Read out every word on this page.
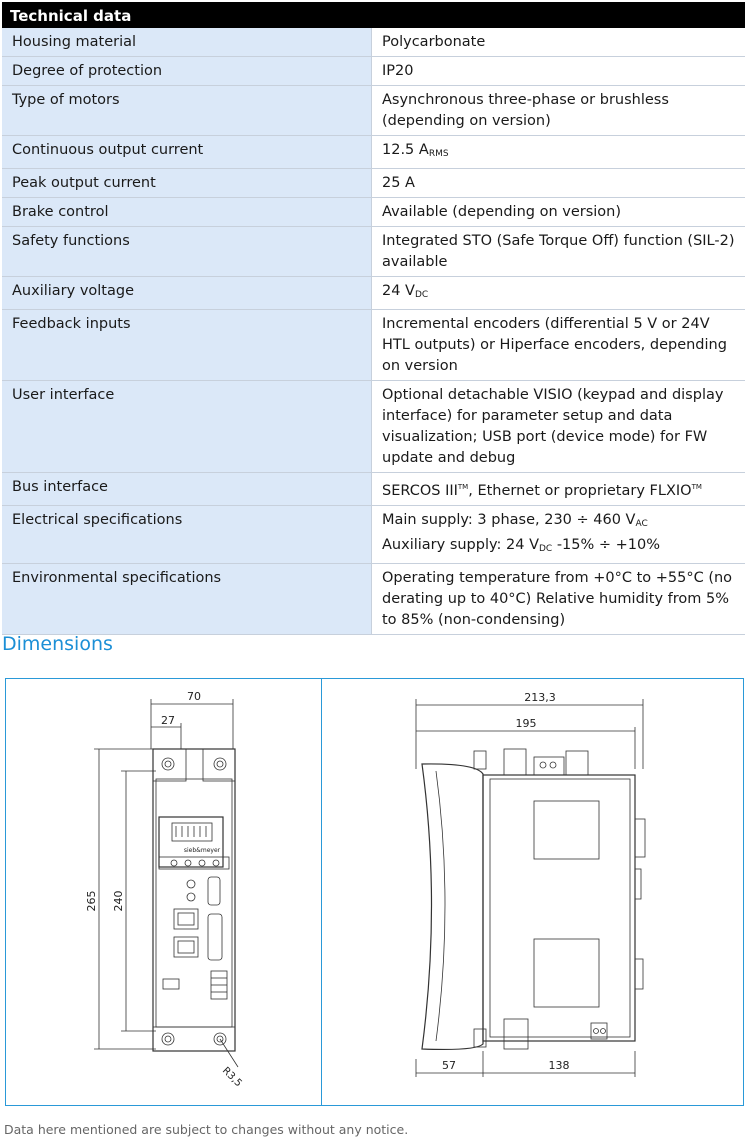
Technical data
Housing material	Polycarbonate
Degree of protection	IP20
Type of motors	Asynchronous three-phase or brushless (depending on version)
Continuous output current	12.5 $A_{RMS}$
Peak output current	25 A
Brake control	Available (depending on version)
Safety functions	Integrated STO (Safe Torque Off) function (SIL-2) available
Auxiliary voltage	24 $V_{DC}$
Feedback inputs	Incremental encoders (differential 5 V or 24V HTL outputs) or Hiperface encoders, depending on version
User interface	Optional detachable VISIO (keypad and display interface) for parameter setup and data visualization; USB port (device mode) for FW update and debug
Bus interface	SERCOS III™, Ethernet or proprietary FLXIO™
Electrical specifications	Main supply: 3 phase, 230 ÷ 460 $V_{AC}$
Auxiliary supply: 24 $V_{DC}$ -15% ÷ +10%
Environmental specifications	Operating temperature from +0°C to +55°C (no derating up to 40°C) Relative humidity from 5% to 85% (non-condensing)
Dimensions
70
27
265 240
R3,5
sieb&meyer
213,3
195
57	138
Data here mentioned are subject to changes without any notice.
